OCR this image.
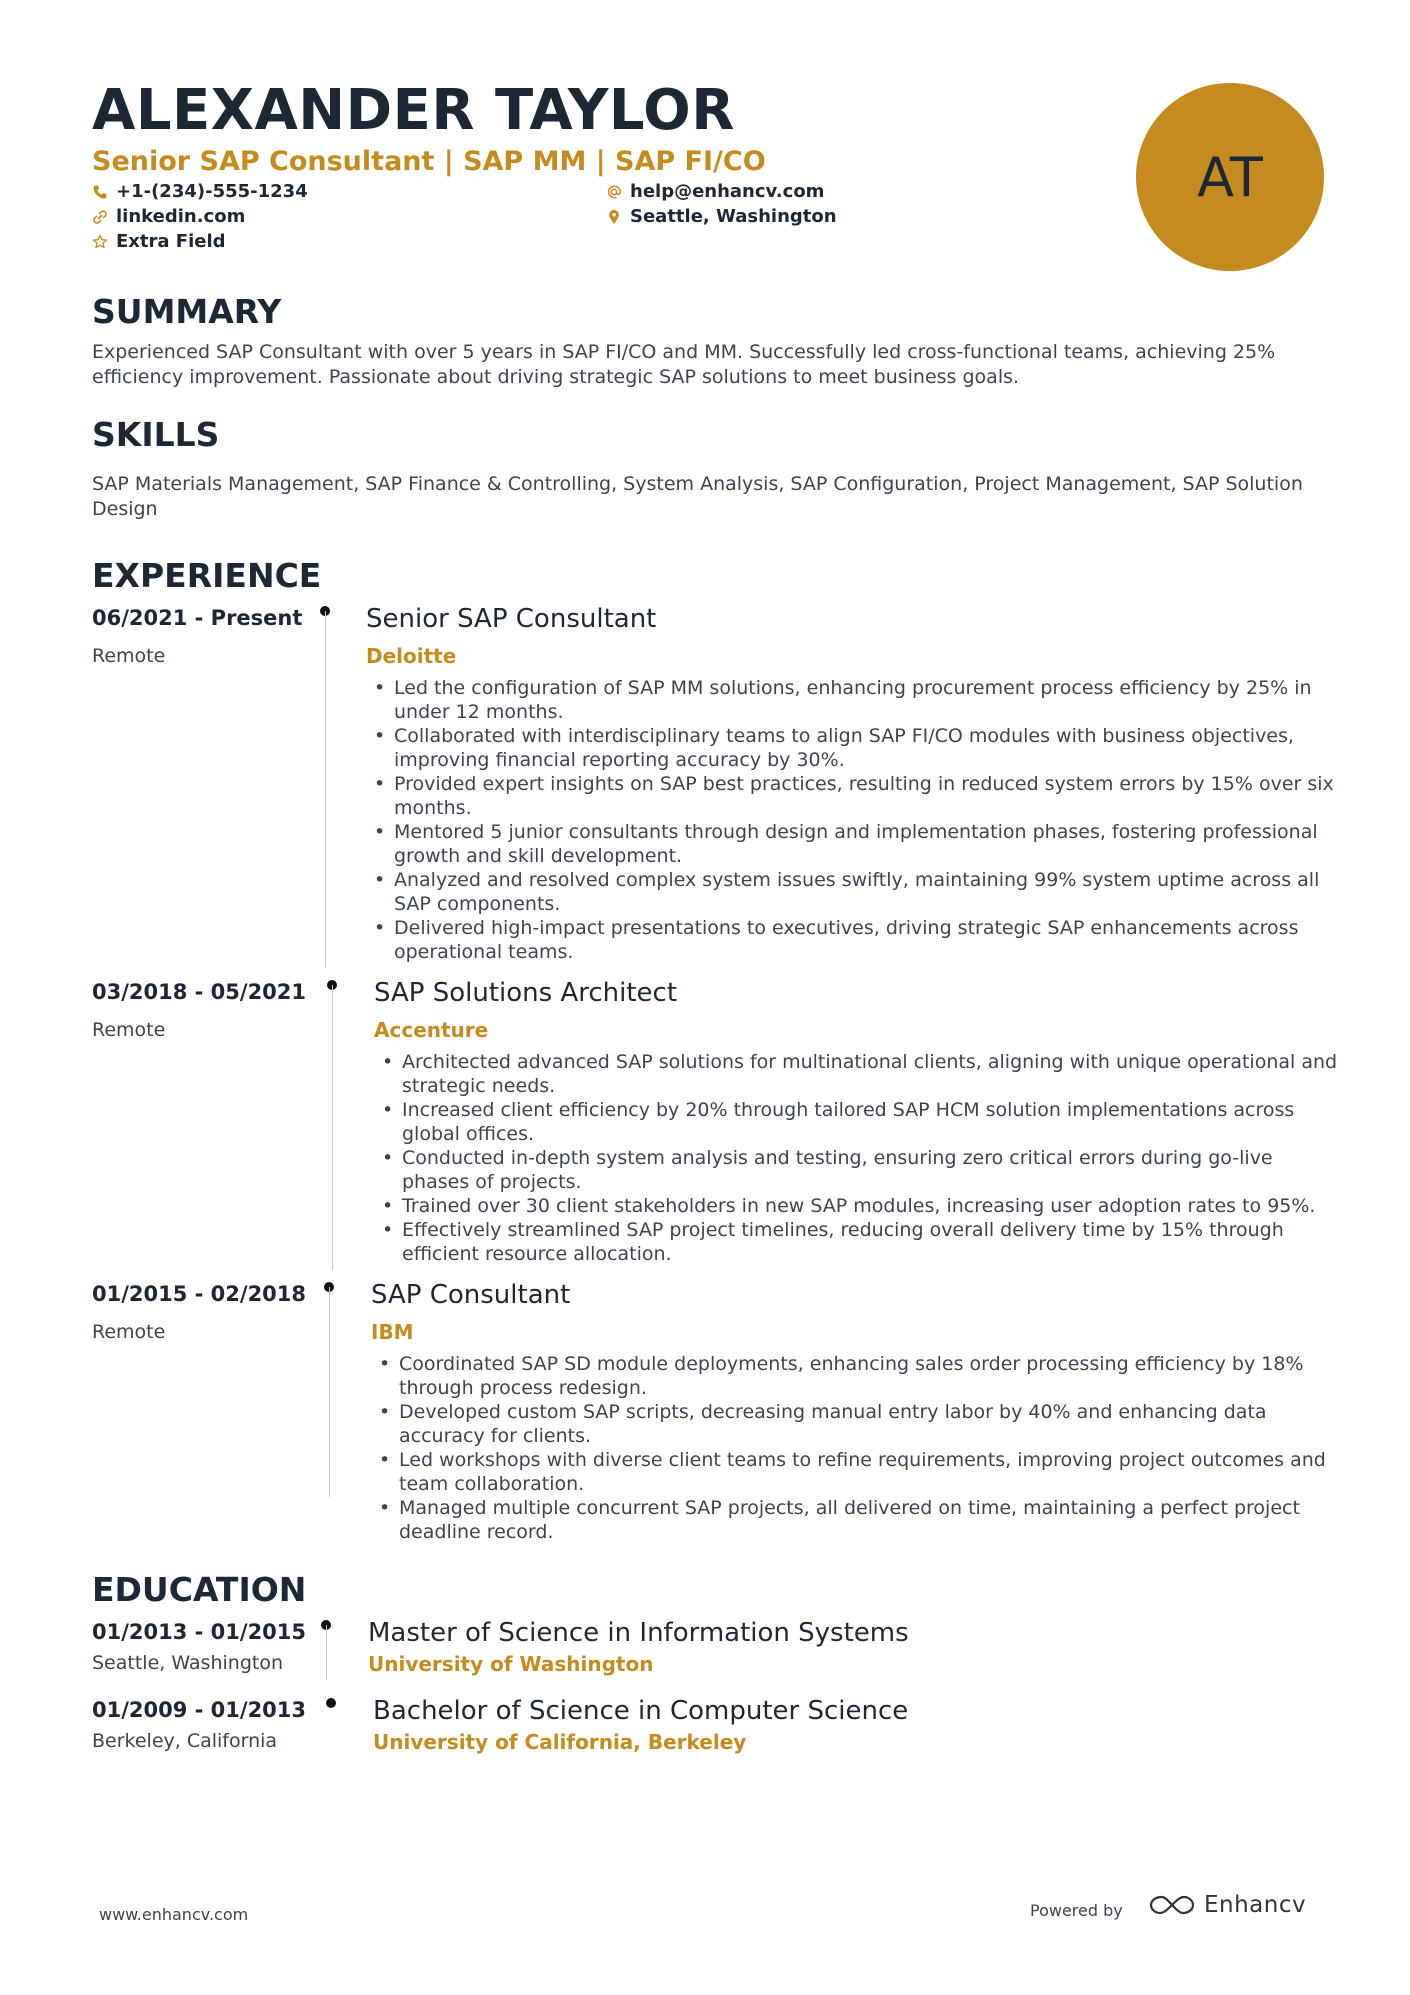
ALEXANDER TAYLOR
Senior SAP Consultant | SAP MM | SAP FI/CO
+1-(234)-555-1234
linkedin.com
Extra Field
help@enhancv.com
Seattle, Washington
AT
SUMMARY
Experienced SAP Consultant with over 5 years in SAP FI/CO and MM. Successfully led cross-functional teams, achieving 25% efficiency improvement. Passionate about driving strategic SAP solutions to meet business goals.
SKILLS
SAP Materials Management, SAP Finance & Controlling, System Analysis, SAP Configuration, Project Management, SAP Solution Design
EXPERIENCE
06/2021 - Present
Remote
Senior SAP Consultant
Deloitte
• Led the configuration of SAP MM solutions, enhancing procurement process efficiency by 25% in under 12 months.
• Collaborated with interdisciplinary teams to align SAP FI/CO modules with business objectives, improving financial reporting accuracy by 30%.
• Provided expert insights on SAP best practices, resulting in reduced system errors by 15% over six months.
• Mentored 5 junior consultants through design and implementation phases, fostering professional growth and skill development.
• Analyzed and resolved complex system issues swiftly, maintaining 99% system uptime across all SAP components.
• Delivered high-impact presentations to executives, driving strategic SAP enhancements across operational teams.
03/2018 - 05/2021
Remote
SAP Solutions Architect
Accenture
• Architected advanced SAP solutions for multinational clients, aligning with unique operational and strategic needs.
• Increased client efficiency by 20% through tailored SAP HCM solution implementations across global offices.
• Conducted in-depth system analysis and testing, ensuring zero critical errors during go-live phases of projects.
• Trained over 30 client stakeholders in new SAP modules, increasing user adoption rates to 95%.
• Effectively streamlined SAP project timelines, reducing overall delivery time by 15% through efficient resource allocation.
01/2015 - 02/2018
Remote
SAP Consultant
IBM
• Coordinated SAP SD module deployments, enhancing sales order processing efficiency by 18% through process redesign.
• Developed custom SAP scripts, decreasing manual entry labor by 40% and enhancing data accuracy for clients.
• Led workshops with diverse client teams to refine requirements, improving project outcomes and team collaboration.
• Managed multiple concurrent SAP projects, all delivered on time, maintaining a perfect project deadline record.
EDUCATION
01/2013 - 01/2015
Seattle, Washington
Master of Science in Information Systems
University of Washington
01/2009 - 01/2013
Berkeley, California
Bachelor of Science in Computer Science
University of California, Berkeley
www.enhancv.com	Powered by	Enhancv
